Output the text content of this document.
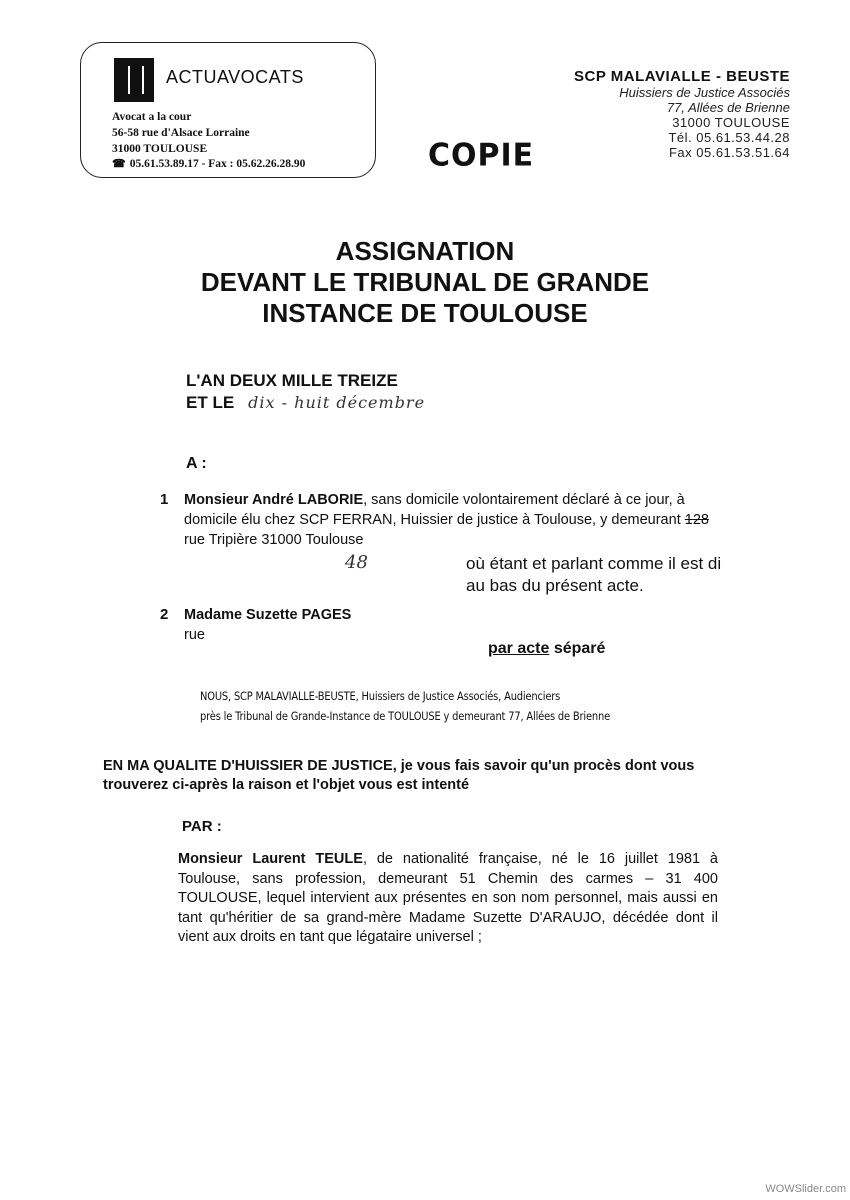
ACTUAVOCATS
Avocat a la cour
56-58 rue d'Alsace Lorraine
31000 TOULOUSE
☎ 05.61.53.89.17 - Fax : 05.62.26.28.90
SCP MALAVIALLE - BEUSTE
Huissiers de Justice Associés
77, Allées de Brienne
31000 TOULOUSE
Tél. 05.61.53.44.28
Fax 05.61.53.51.64
COPIE
ASSIGNATION
DEVANT LE TRIBUNAL DE GRANDE
INSTANCE DE TOULOUSE
L'AN DEUX MILLE TREIZE
ET LE dix - huit décembre
A :
1 Monsieur André LABORIE, sans domicile volontairement déclaré à ce jour, à domicile élu chez SCP FERRAN, Huissier de justice à Toulouse, y demeurant 128 rue Tripière 31000 Toulouse
48	où étant et parlant comme il est di
au bas du présent acte.
2 Madame Suzette PAGES
rue
par acte séparé
NOUS, SCP MALAVIALLE-BEUSTE, Huissiers de Justice Associés, Audienciers
près le Tribunal de Grande-Instance de TOULOUSE y demeurant 77, Allées de Brienne
EN MA QUALITE D'HUISSIER DE JUSTICE, je vous fais savoir qu'un procès dont vous trouverez ci-après la raison et l'objet vous est intenté
PAR :
Monsieur Laurent TEULE, de nationalité française, né le 16 juillet 1981 à Toulouse, sans profession, demeurant 51 Chemin des carmes – 31 400 TOULOUSE, lequel intervient aux présentes en son nom personnel, mais aussi en tant qu'héritier de sa grand-mère Madame Suzette D'ARAUJO, décédée dont il vient aux droits en tant que légataire universel ;
WOWSlider.com
